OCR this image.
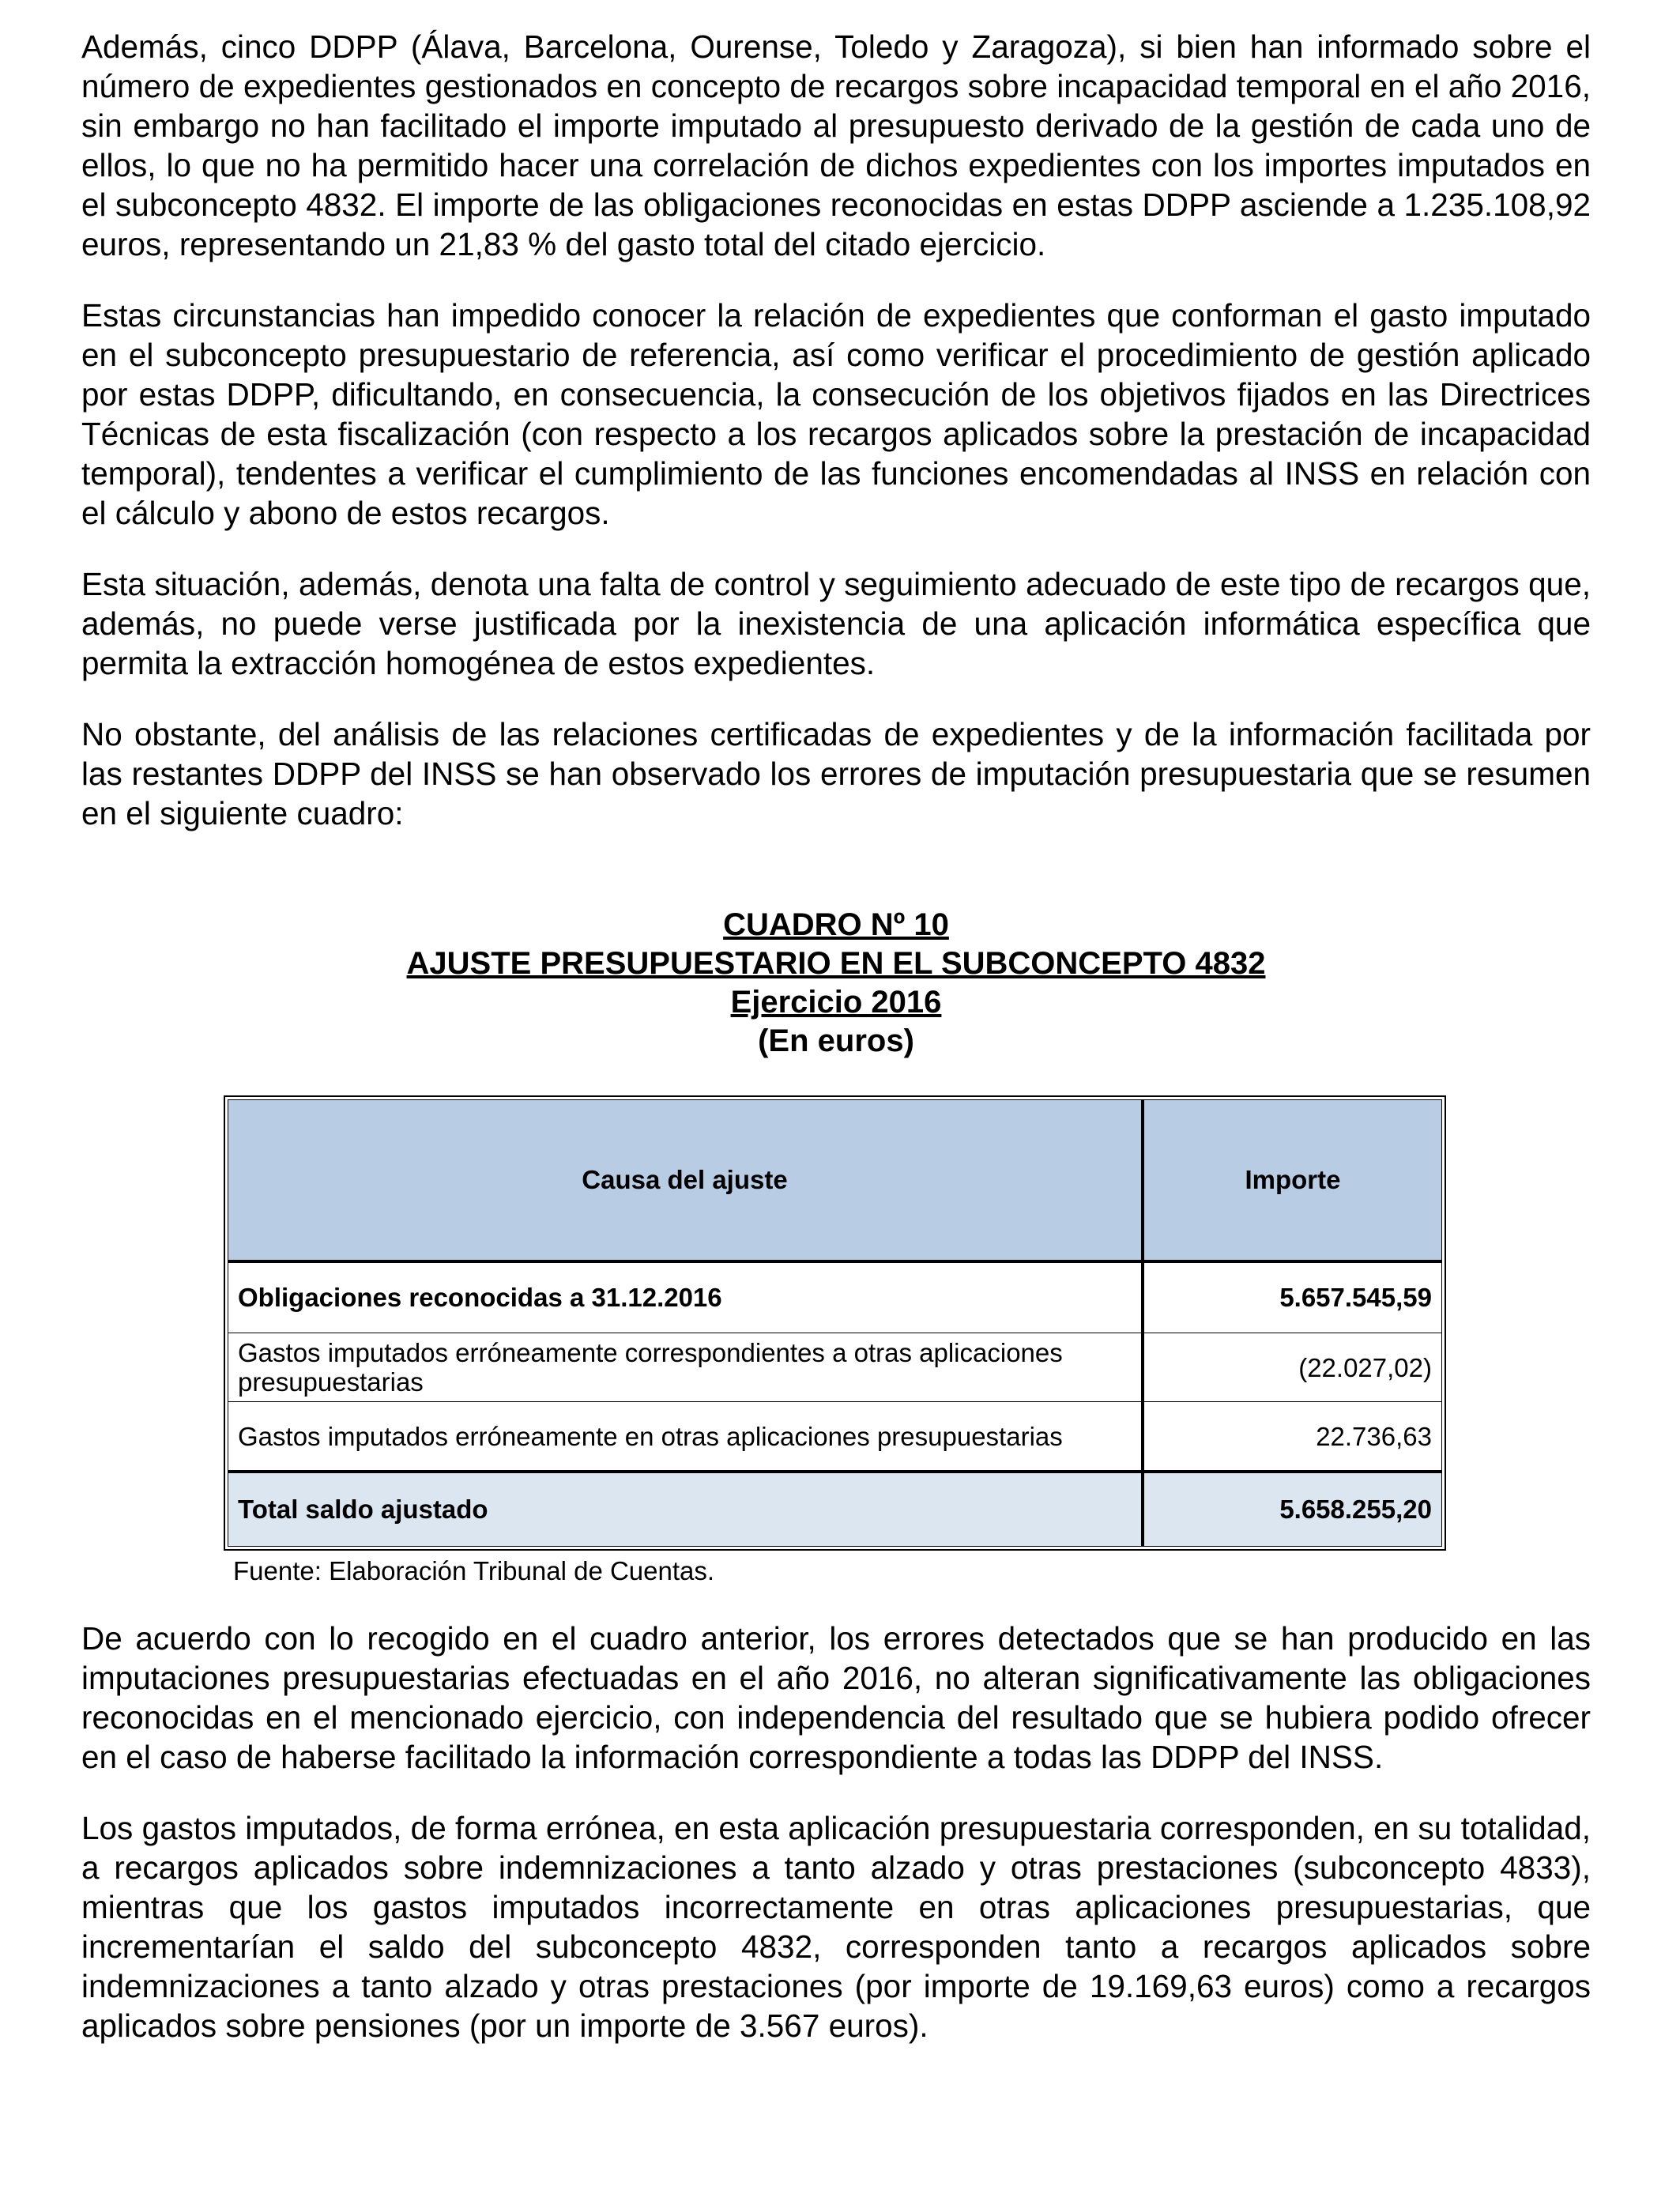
Además, cinco DDPP (Álava, Barcelona, Ourense, Toledo y Zaragoza), si bien han informado sobre el número de expedientes gestionados en concepto de recargos sobre incapacidad temporal en el año 2016, sin embargo no han facilitado el importe imputado al presupuesto derivado de la gestión de cada uno de ellos, lo que no ha permitido hacer una correlación de dichos expedientes con los importes imputados en el subconcepto 4832. El importe de las obligaciones reconocidas en estas DDPP asciende a 1.235.108,92 euros, representando un 21,83 % del gasto total del citado ejercicio.

Estas circunstancias han impedido conocer la relación de expedientes que conforman el gasto imputado en el subconcepto presupuestario de referencia, así como verificar el procedimiento de gestión aplicado por estas DDPP, dificultando, en consecuencia, la consecución de los objetivos fijados en las Directrices Técnicas de esta fiscalización (con respecto a los recargos aplicados sobre la prestación de incapacidad temporal), tendentes a verificar el cumplimiento de las funciones encomendadas al INSS en relación con el cálculo y abono de estos recargos.

Esta situación, además, denota una falta de control y seguimiento adecuado de este tipo de recargos que, además, no puede verse justificada por la inexistencia de una aplicación informática específica que permita la extracción homogénea de estos expedientes.

No obstante, del análisis de las relaciones certificadas de expedientes y de la información facilitada por las restantes DDPP del INSS se han observado los errores de imputación presupuestaria que se resumen en el siguiente cuadro:

CUADRO Nº 10
AJUSTE PRESUPUESTARIO EN EL SUBCONCEPTO 4832
Ejercicio 2016
(En euros)
Causa del ajuste	Importe
Obligaciones reconocidas a 31.12.2016	5.657.545,59
Gastos imputados erróneamente correspondientes a otras aplicaciones presupuestarias	(22.027,02)
Gastos imputados erróneamente en otras aplicaciones presupuestarias	22.736,63
Total saldo ajustado	5.658.255,20
Fuente: Elaboración Tribunal de Cuentas.

De acuerdo con lo recogido en el cuadro anterior, los errores detectados que se han producido en las imputaciones presupuestarias efectuadas en el año 2016, no alteran significativamente las obligaciones reconocidas en el mencionado ejercicio, con independencia del resultado que se hubiera podido ofrecer en el caso de haberse facilitado la información correspondiente a todas las DDPP del INSS.

Los gastos imputados, de forma errónea, en esta aplicación presupuestaria corresponden, en su totalidad, a recargos aplicados sobre indemnizaciones a tanto alzado y otras prestaciones (subconcepto 4833), mientras que los gastos imputados incorrectamente en otras aplicaciones presupuestarias, que incrementarían el saldo del subconcepto 4832, corresponden tanto a recargos aplicados sobre indemnizaciones a tanto alzado y otras prestaciones (por importe de 19.169,63 euros) como a recargos aplicados sobre pensiones (por un importe de 3.567 euros).
